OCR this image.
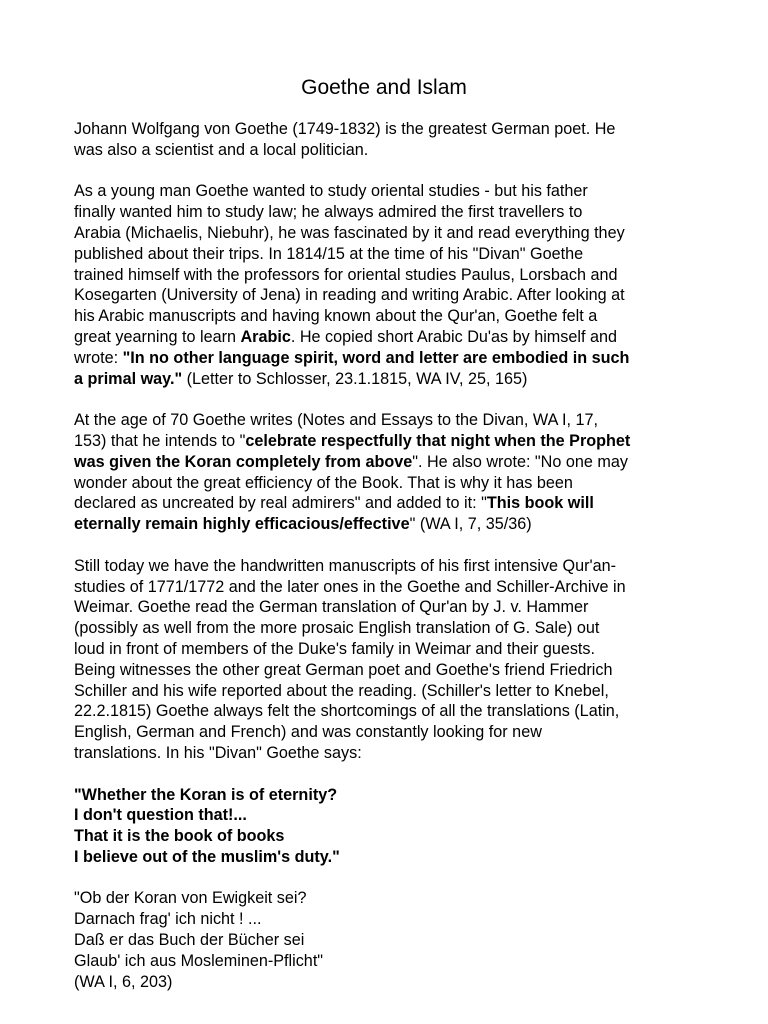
Goethe and Islam

Johann Wolfgang von Goethe (1749-1832) is the greatest German poet. He
was also a scientist and a local politician.

As a young man Goethe wanted to study oriental studies - but his father
finally wanted him to study law; he always admired the first travellers to
Arabia (Michaelis, Niebuhr), he was fascinated by it and read everything they
published about their trips. In 1814/15 at the time of his "Divan" Goethe
trained himself with the professors for oriental studies Paulus, Lorsbach and
Kosegarten (University of Jena) in reading and writing Arabic. After looking at
his Arabic manuscripts and having known about the Qur'an, Goethe felt a
great yearning to learn Arabic. He copied short Arabic Du'as by himself and
wrote: "In no other language spirit, word and letter are embodied in such
a primal way." (Letter to Schlosser, 23.1.1815, WA IV, 25, 165)

At the age of 70 Goethe writes (Notes and Essays to the Divan, WA I, 17,
153) that he intends to "celebrate respectfully that night when the Prophet
was given the Koran completely from above". He also wrote: "No one may
wonder about the great efficiency of the Book. That is why it has been
declared as uncreated by real admirers" and added to it: "This book will
eternally remain highly efficacious/effective" (WA I, 7, 35/36)

Still today we have the handwritten manuscripts of his first intensive Qur'an-
studies of 1771/1772 and the later ones in the Goethe and Schiller-Archive in
Weimar. Goethe read the German translation of Qur'an by J. v. Hammer
(possibly as well from the more prosaic English translation of G. Sale) out
loud in front of members of the Duke's family in Weimar and their guests.
Being witnesses the other great German poet and Goethe's friend Friedrich
Schiller and his wife reported about the reading. (Schiller's letter to Knebel,
22.2.1815) Goethe always felt the shortcomings of all the translations (Latin,
English, German and French) and was constantly looking for new
translations. In his "Divan" Goethe says:

"Whether the Koran is of eternity?
I don't question that!...
That it is the book of books
I believe out of the muslim's duty."
"Ob der Koran von Ewigkeit sei?
Darnach frag' ich nicht ! ...
Daß er das Buch der Bücher sei
Glaub' ich aus Mosleminen-Pflicht"
(WA I, 6, 203)
